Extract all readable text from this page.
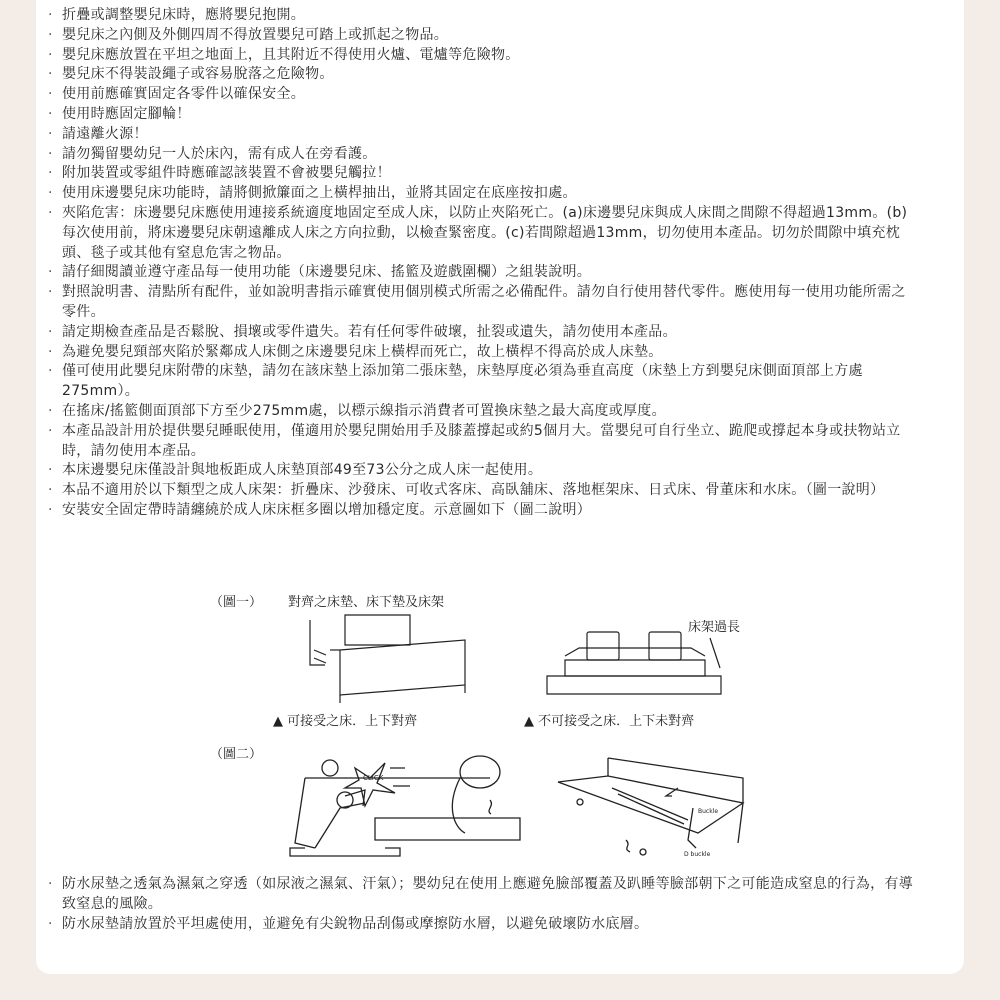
· 折疊或調整嬰兒床時，應將嬰兒抱開。
· 嬰兒床之內側及外側四周不得放置嬰兒可踏上或抓起之物品。
· 嬰兒床應放置在平坦之地面上，且其附近不得使用火爐、電爐等危險物。
· 嬰兒床不得裝設繩子或容易脫落之危險物。
· 使用前應確實固定各零件以確保安全。
· 使用時應固定腳輪！
· 請遠離火源！
· 請勿獨留嬰幼兒一人於床內，需有成人在旁看護。
· 附加裝置或零組件時應確認該裝置不會被嬰兒觸拉！
· 使用床邊嬰兒床功能時，請將側掀簾面之上橫桿抽出，並將其固定在底座按扣處。
· 夾陷危害：床邊嬰兒床應使用連接系統適度地固定至成人床，以防止夾陷死亡。(a)床邊嬰兒床與成人床間之間隙不得超過13mm。(b)每次使用前，將床邊嬰兒床朝遠離成人床之方向拉動，以檢查緊密度。(c)若間隙超過13mm，切勿使用本產品。切勿於間隙中填充枕頭、毯子或其他有窒息危害之物品。
· 請仔細閱讀並遵守產品每一使用功能（床邊嬰兒床、搖籃及遊戲圍欄）之組裝說明。
· 對照說明書、清點所有配件，並如說明書指示確實使用個別模式所需之必備配件。請勿自行使用替代零件。應使用每一使用功能所需之零件。
· 請定期檢查產品是否鬆脫、損壞或零件遺失。若有任何零件破壞，扯裂或遺失，請勿使用本產品。
· 為避免嬰兒頸部夾陷於緊鄰成人床側之床邊嬰兒床上橫桿而死亡，故上橫桿不得高於成人床墊。
· 僅可使用此嬰兒床附帶的床墊，請勿在該床墊上添加第二張床墊，床墊厚度必須為垂直高度（床墊上方到嬰兒床側面頂部上方處275mm）。
· 在搖床/搖籃側面頂部下方至少275mm處，以標示線指示消費者可置換床墊之最大高度或厚度。
· 本產品設計用於提供嬰兒睡眠使用，僅適用於嬰兒開始用手及膝蓋撐起或約5個月大。當嬰兒可自行坐立、跪爬或撐起本身或扶物站立時，請勿使用本產品。
· 本床邊嬰兒床僅設計與地板距成人床墊頂部49至73公分之成人床一起使用。
· 本品不適用於以下類型之成人床架：折疊床、沙發床、可收式客床、高臥舖床、落地框架床、日式床、骨董床和水床。（圖一說明）
· 安裝安全固定帶時請纏繞於成人床床框多圈以增加穩定度。示意圖如下（圖二說明）
（圖一） 對齊之床墊、床下墊及床架
床架過長
▲ 可接受之床．上下對齊	▲ 不可接受之床．上下未對齊
（圖二）
CLICK
Buckle
D buckle
· 防水尿墊之透氣為濕氣之穿透（如尿液之濕氣、汗氣）；嬰幼兒在使用上應避免臉部覆蓋及趴睡等臉部朝下之可能造成窒息的行為，有導致窒息的風險。
· 防水尿墊請放置於平坦處使用，並避免有尖銳物品刮傷或摩擦防水層，以避免破壞防水底層。
